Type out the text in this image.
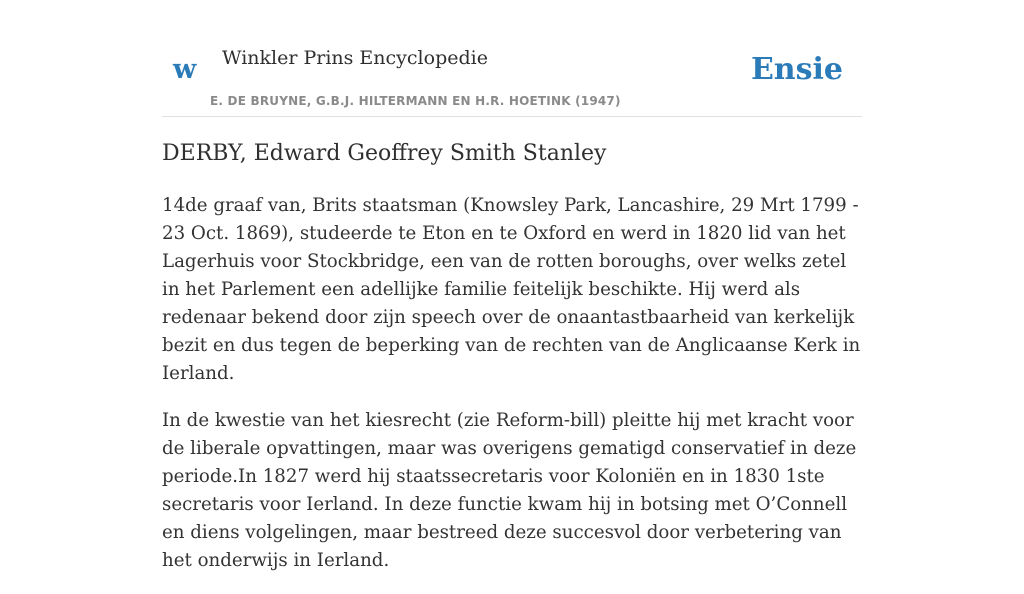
w Winkler Prins Encyclopedie
E. DE BRUYNE, G.B.J. HILTERMANN EN H.R. HOETINK (1947)
Ensie
DERBY, Edward Geoffrey Smith Stanley

14de graaf van, Brits staatsman (Knowsley Park, Lancashire, 29 Mrt 1799 - 23 Oct. 1869), studeerde te Eton en te Oxford en werd in 1820 lid van het Lagerhuis voor Stockbridge, een van de rotten boroughs, over welks zetel in het Parlement een adellijke familie feitelijk beschikte. Hij werd als redenaar bekend door zijn speech over de onaantastbaarheid van kerkelijk bezit en dus tegen de beperking van de rechten van de Anglicaanse Kerk in Ierland.

In de kwestie van het kiesrecht (zie Reform-bill) pleitte hij met kracht voor de liberale opvattingen, maar was overigens gematigd conservatief in deze periode.In 1827 werd hij staatssecretaris voor Koloniën en in 1830 1ste secretaris voor Ierland. In deze functie kwam hij in botsing met O’Connell en diens volgelingen, maar bestreed deze succesvol door verbetering van het onderwijs in Ierland.
